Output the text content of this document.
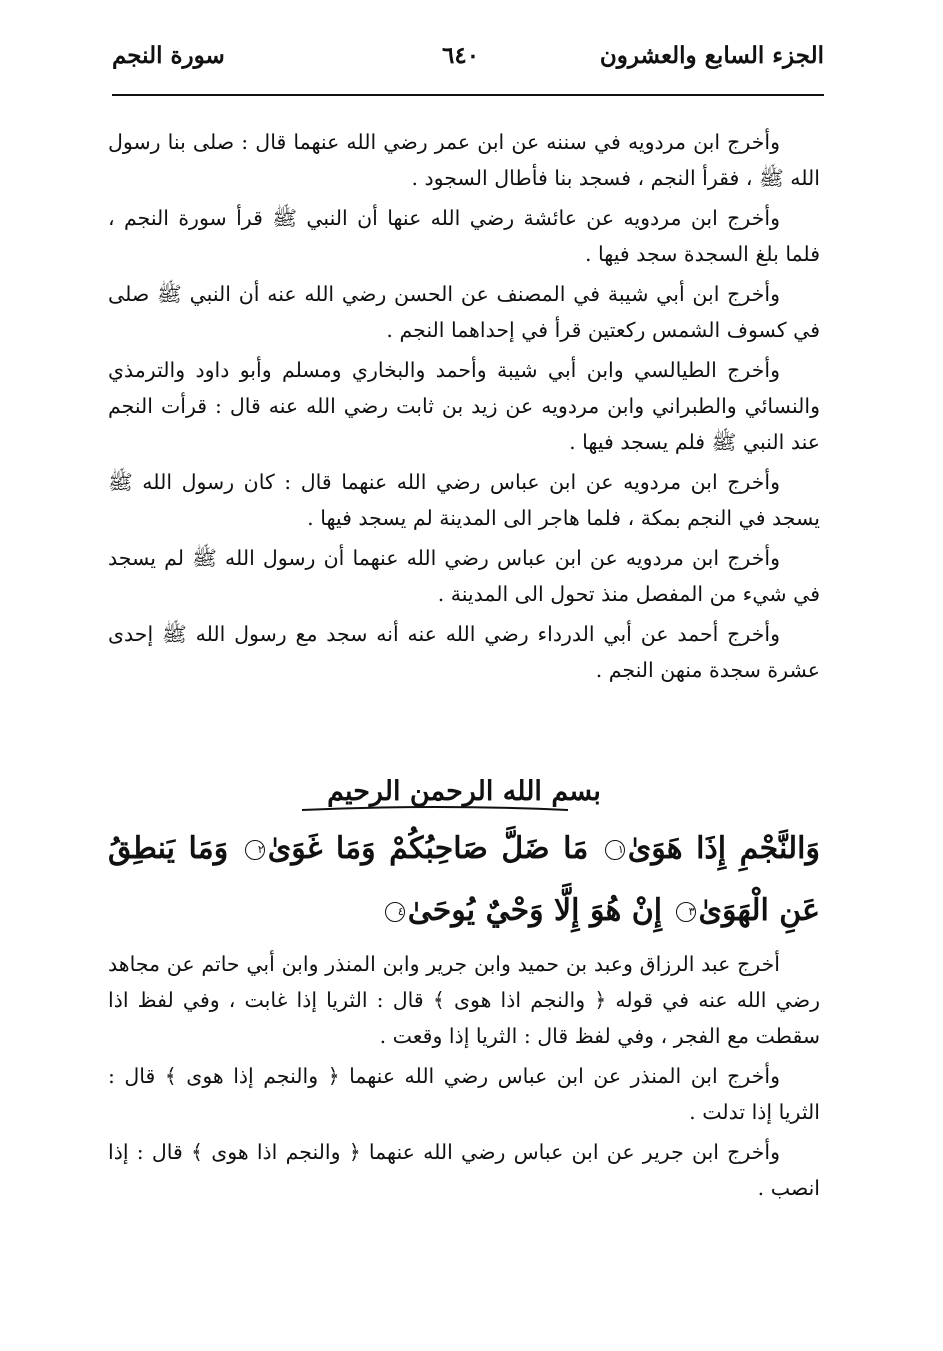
الجزء السابع والعشرون
٦٤٠
سورة النجم

وأخرج ابن مردويه في سننه عن ابن عمر رضي الله عنهما قال : صلى بنا رسول الله ﷺ ، فقرأ النجم ، فسجد بنا فأطال السجود .

وأخرج ابن مردويه عن عائشة رضي الله عنها أن النبي ﷺ قرأ سورة النجم ، فلما بلغ السجدة سجد فيها .

وأخرج ابن أبي شيبة في المصنف عن الحسن رضي الله عنه أن النبي ﷺ صلى في كسوف الشمس ركعتين قرأ في إحداهما النجم .

وأخرج الطيالسي وابن أبي شيبة وأحمد والبخاري ومسلم وأبو داود والترمذي والنسائي والطبراني وابن مردويه عن زيد بن ثابت رضي الله عنه قال : قرأت النجم عند النبي ﷺ فلم يسجد فيها .

وأخرج ابن مردويه عن ابن عباس رضي الله عنهما قال : كان رسول الله ﷺ يسجد في النجم بمكة ، فلما هاجر الى المدينة لم يسجد فيها .

وأخرج ابن مردويه عن ابن عباس رضي الله عنهما أن رسول الله ﷺ لم يسجد في شيء من المفصل منذ تحول الى المدينة .

وأخرج أحمد عن أبي الدرداء رضي الله عنه أنه سجد مع رسول الله ﷺ إحدى عشرة سجدة منهن النجم .

بسم الله الرحمن الرحيم
وَالنَّجْمِ إِذَا هَوَىٰ١ مَا ضَلَّ صَاحِبُكُمْ وَمَا غَوَىٰ٢ وَمَا يَنطِقُ عَنِ الْهَوَىٰ٣ إِنْ هُوَ إِلَّا وَحْيٌ يُوحَىٰ٤

أخرج عبد الرزاق وعبد بن حميد وابن جرير وابن المنذر وابن أبي حاتم عن مجاهد رضي الله عنه في قوله ﴿ والنجم اذا هوى ﴾ قال : الثريا إذا غابت ، وفي لفظ اذا سقطت مع الفجر ، وفي لفظ قال : الثريا إذا وقعت .

وأخرج ابن المنذر عن ابن عباس رضي الله عنهما ﴿ والنجم إذا هوى ﴾ قال : الثريا إذا تدلت .

وأخرج ابن جرير عن ابن عباس رضي الله عنهما ﴿ والنجم اذا هوى ﴾ قال : إذا انصب .
